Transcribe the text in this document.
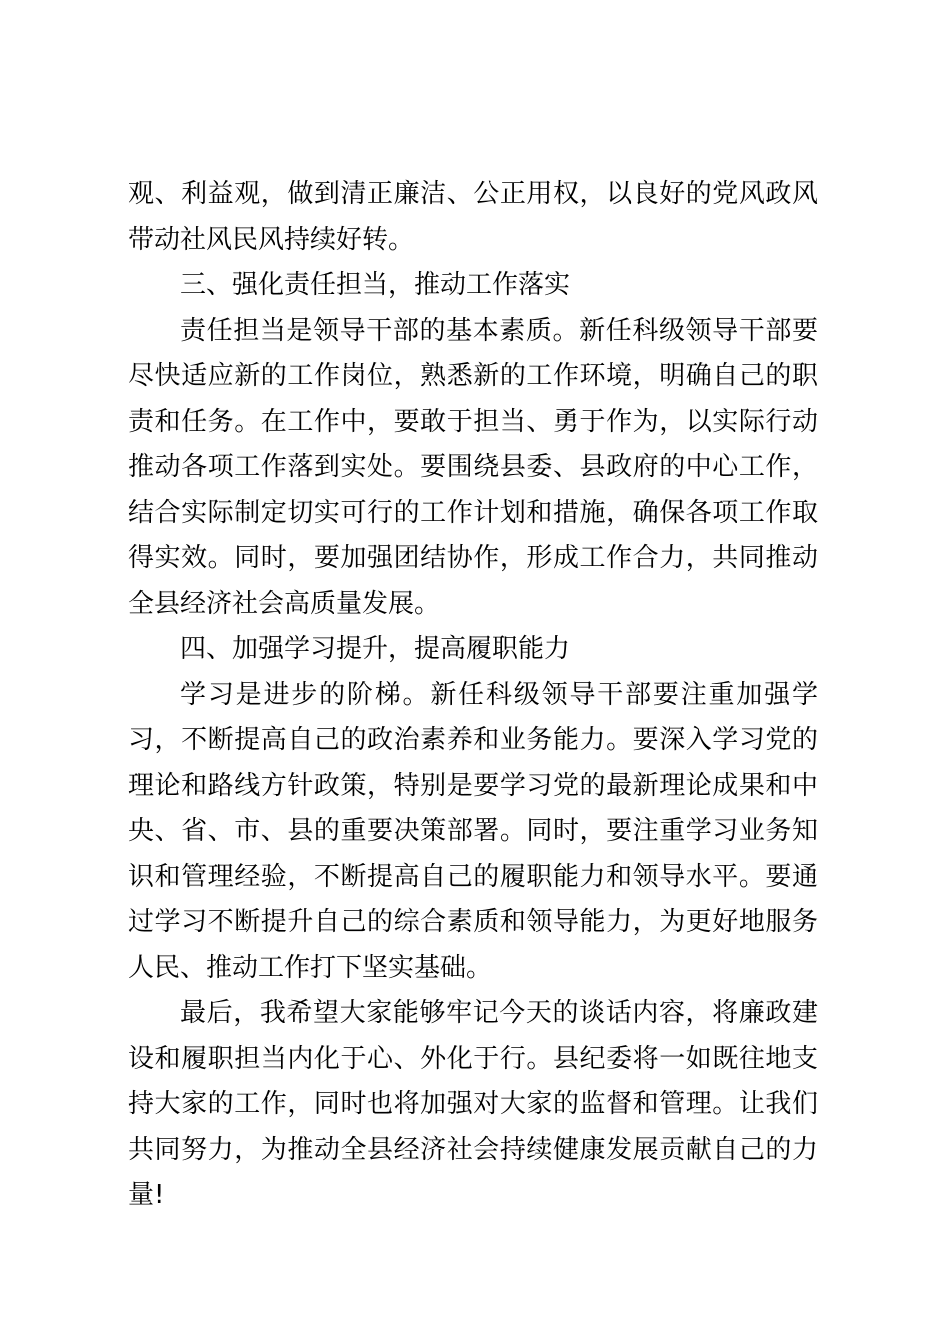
观、利益观，做到清正廉洁、公正用权，以良好的党风政风带动社风民风持续好转。

三、强化责任担当，推动工作落实

责任担当是领导干部的基本素质。新任科级领导干部要尽快适应新的工作岗位，熟悉新的工作环境，明确自己的职责和任务。在工作中，要敢于担当、勇于作为，以实际行动推动各项工作落到实处。要围绕县委、县政府的中心工作，结合实际制定切实可行的工作计划和措施，确保各项工作取得实效。同时，要加强团结协作，形成工作合力，共同推动全县经济社会高质量发展。

四、加强学习提升，提高履职能力

学习是进步的阶梯。新任科级领导干部要注重加强学习，不断提高自己的政治素养和业务能力。要深入学习党的理论和路线方针政策，特别是要学习党的最新理论成果和中央、省、市、县的重要决策部署。同时，要注重学习业务知识和管理经验，不断提高自己的履职能力和领导水平。要通过学习不断提升自己的综合素质和领导能力，为更好地服务人民、推动工作打下坚实基础。

最后，我希望大家能够牢记今天的谈话内容，将廉政建设和履职担当内化于心、外化于行。县纪委将一如既往地支持大家的工作，同时也将加强对大家的监督和管理。让我们共同努力，为推动全县经济社会持续健康发展贡献自己的力量!
